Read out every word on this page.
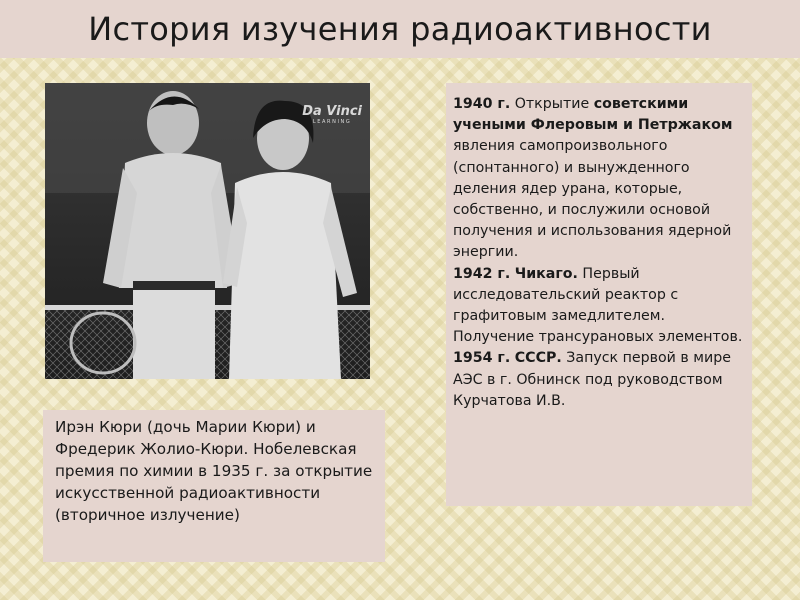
История изучения радиоактивности
Da Vinci
LEARNING
Ирэн Кюри (дочь Марии Кюри) и Фредерик Жолио-Кюри. Нобелевская премия по химии в 1935 г. за открытие искусственной радиоактивности (вторичное излучение)

1940 г. Открытие советскими учеными Флеровым и Петржаком явления самопроизвольного (спонтанного) и вынужденного деления ядер урана, которые, собственно, и послужили основой получения и использования ядерной энергии.

1942 г. Чикаго. Первый исследовательский реактор с графитовым замедлителем. Получение трансурановых элементов.

1954 г. СССР. Запуск первой в мире АЭС в г. Обнинск под руководством Курчатова И.В.
